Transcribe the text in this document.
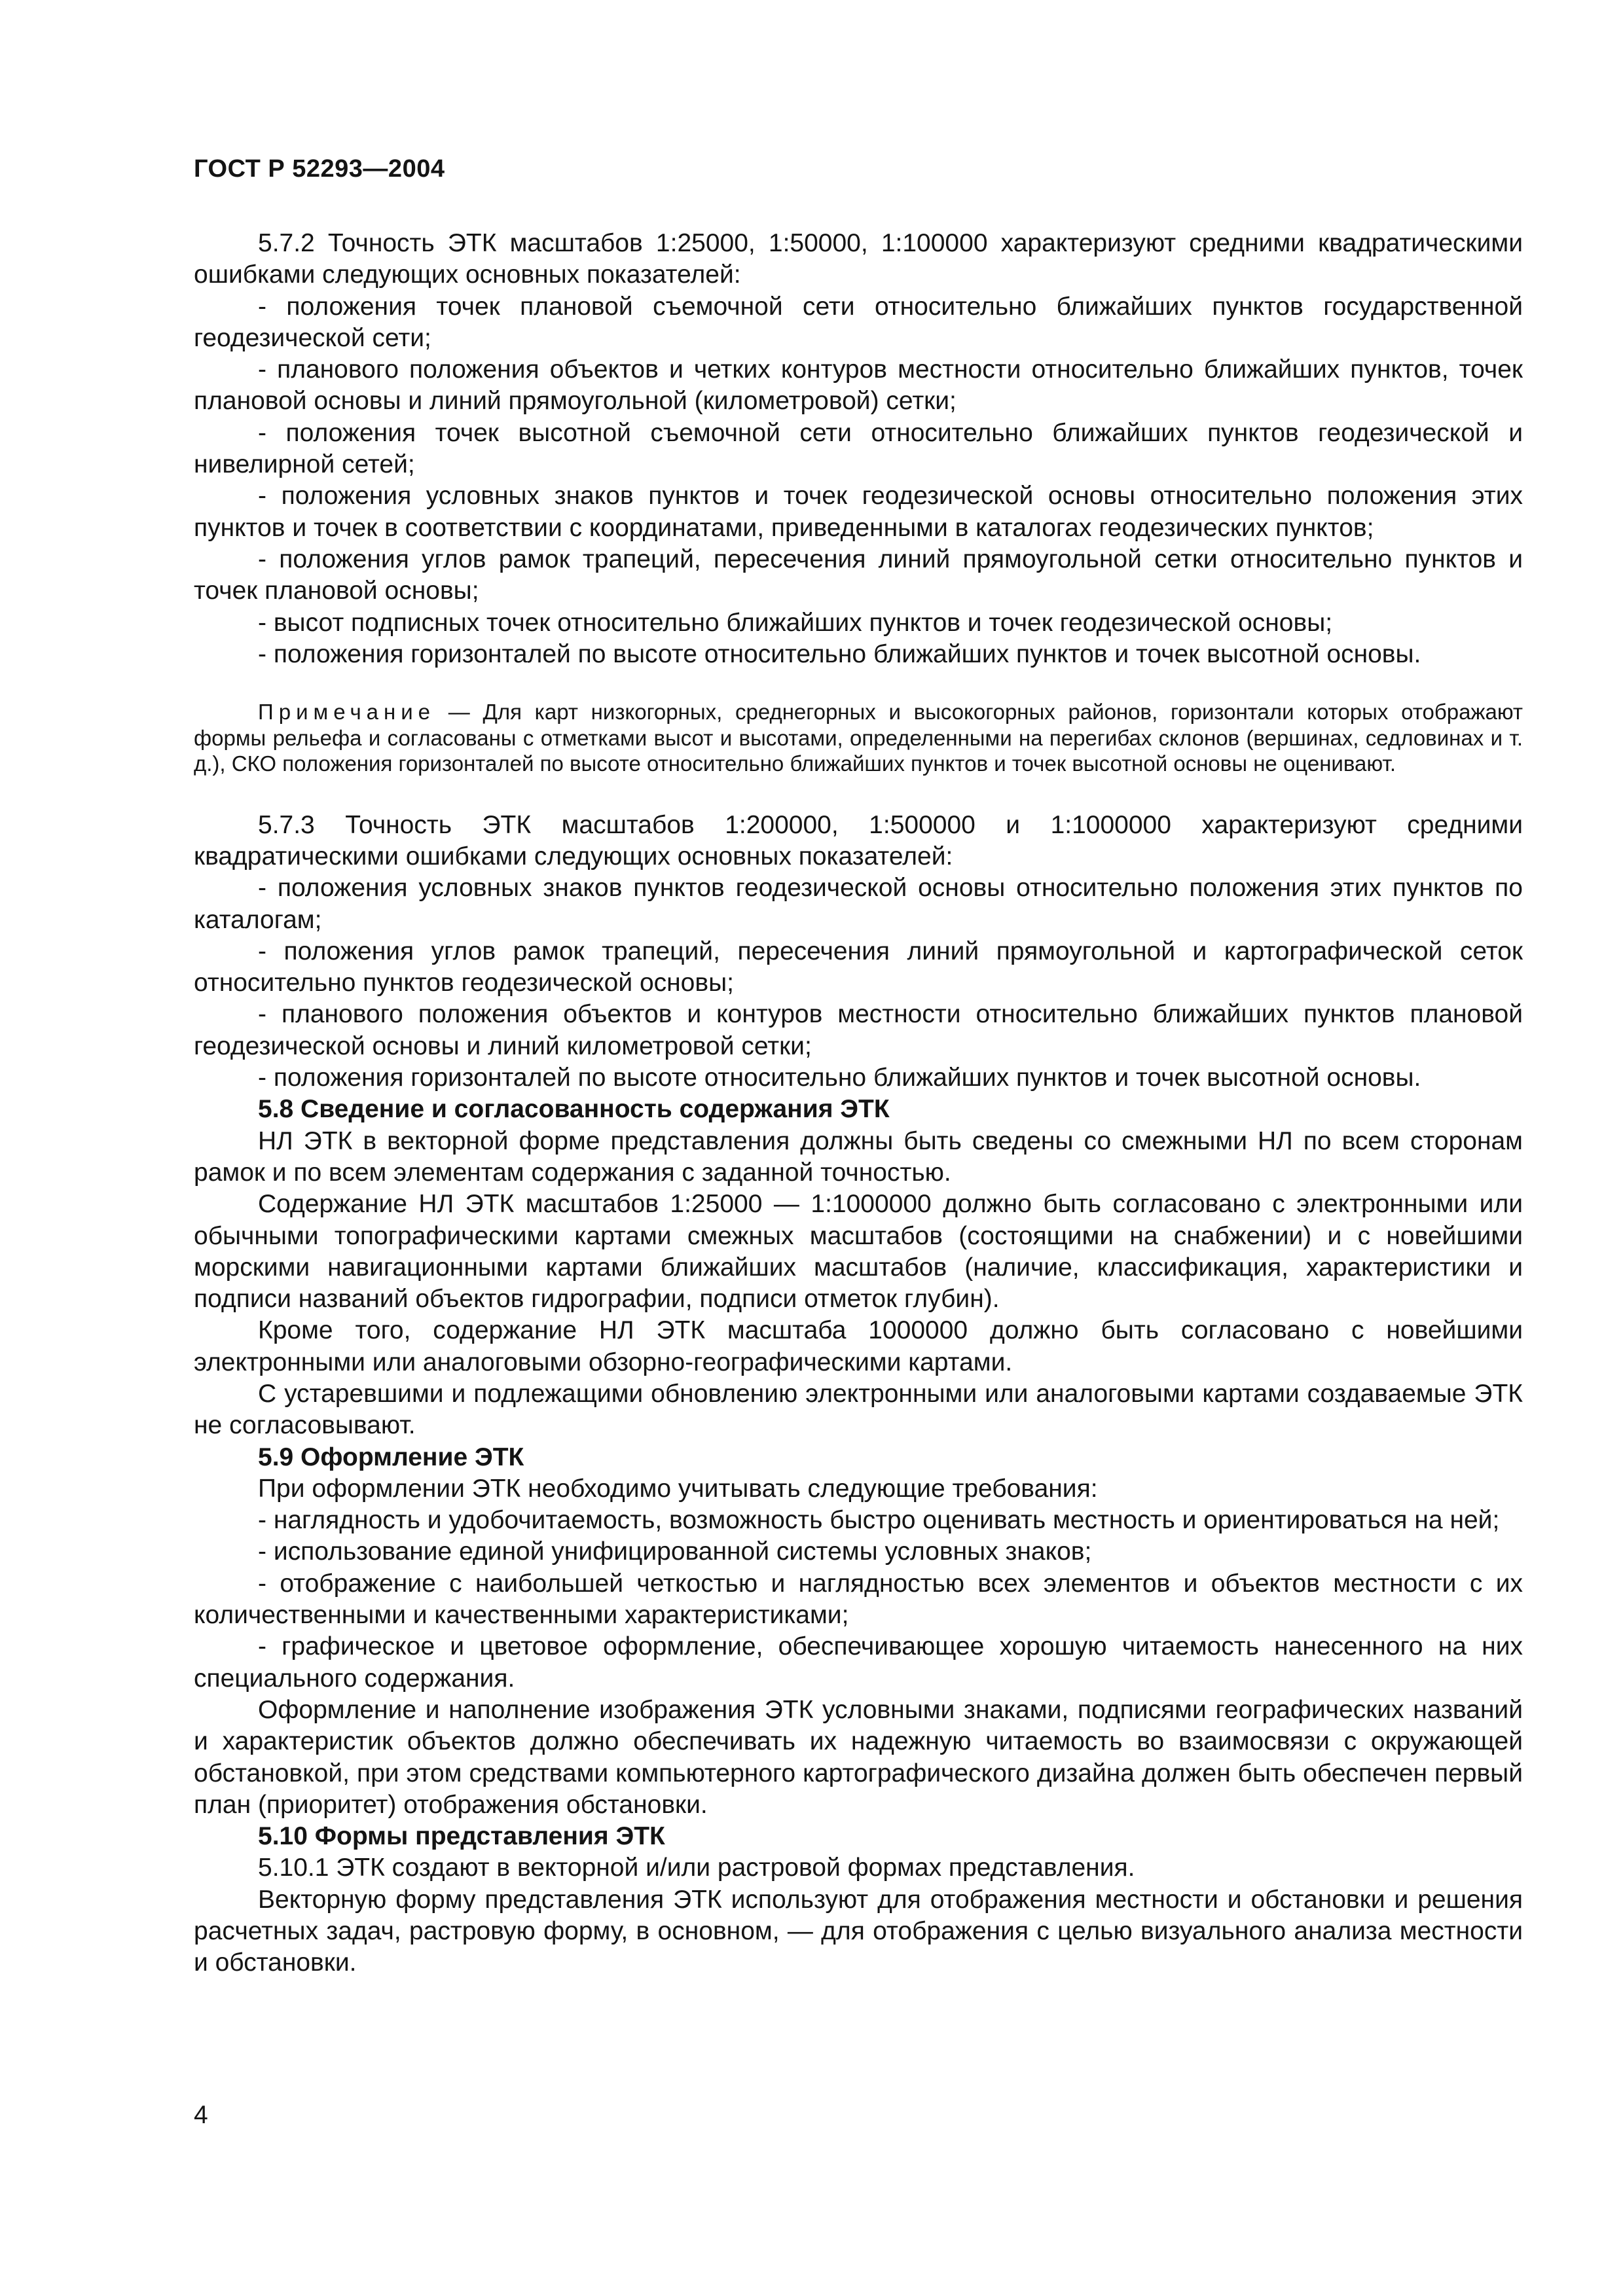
ГОСТ Р 52293—2004

5.7.2 Точность ЭТК масштабов 1:25000, 1:50000, 1:100000 характеризуют средними квадратическими ошибками следующих основных показателей:

- положения точек плановой съемочной сети относительно ближайших пунктов государственной геодезической сети;

- планового положения объектов и четких контуров местности относительно ближайших пунктов, точек плановой основы и линий прямоугольной (километровой) сетки;

- положения точек высотной съемочной сети относительно ближайших пунктов геодезической и нивелирной сетей;

- положения условных знаков пунктов и точек геодезической основы относительно положения этих пунктов и точек в соответствии с координатами, приведенными в каталогах геодезических пунктов;

- положения углов рамок трапеций, пересечения линий прямоугольной сетки относительно пунктов и точек плановой основы;

- высот подписных точек относительно ближайших пунктов и точек геодезической основы;

- положения горизонталей по высоте относительно ближайших пунктов и точек высотной основы.

Примечание — Для карт низкогорных, среднегорных и высокогорных районов, горизонтали которых отображают формы рельефа и согласованы с отметками высот и высотами, определенными на перегибах склонов (вершинах, седловинах и т. д.), СКО положения горизонталей по высоте относительно ближайших пунктов и точек высотной основы не оценивают.

5.7.3 Точность ЭТК масштабов 1:200000, 1:500000 и 1:1000000 характеризуют средними квадратическими ошибками следующих основных показателей:

- положения условных знаков пунктов геодезической основы относительно положения этих пунктов по каталогам;

- положения углов рамок трапеций, пересечения линий прямоугольной и картографической сеток относительно пунктов геодезической основы;

- планового положения объектов и контуров местности относительно ближайших пунктов плановой геодезической основы и линий километровой сетки;

- положения горизонталей по высоте относительно ближайших пунктов и точек высотной основы.

5.8 Сведение и согласованность содержания ЭТК

НЛ ЭТК в векторной форме представления должны быть сведены со смежными НЛ по всем сторонам рамок и по всем элементам содержания с заданной точностью.

Содержание НЛ ЭТК масштабов 1:25000 — 1:1000000 должно быть согласовано с электронными или обычными топографическими картами смежных масштабов (состоящими на снабжении) и с новейшими морскими навигационными картами ближайших масштабов (наличие, классификация, характеристики и подписи названий объектов гидрографии, подписи отметок глубин).

Кроме того, содержание НЛ ЭТК масштаба 1000000 должно быть согласовано с новейшими электронными или аналоговыми обзорно-географическими картами.

С устаревшими и подлежащими обновлению электронными или аналоговыми картами создаваемые ЭТК не согласовывают.

5.9 Оформление ЭТК

При оформлении ЭТК необходимо учитывать следующие требования:

- наглядность и удобочитаемость, возможность быстро оценивать местность и ориентироваться на ней;

- использование единой унифицированной системы условных знаков;

- отображение с наибольшей четкостью и наглядностью всех элементов и объектов местности с их количественными и качественными характеристиками;

- графическое и цветовое оформление, обеспечивающее хорошую читаемость нанесенного на них специального содержания.

Оформление и наполнение изображения ЭТК условными знаками, подписями географических названий и характеристик объектов должно обеспечивать их надежную читаемость во взаимосвязи с окружающей обстановкой, при этом средствами компьютерного картографического дизайна должен быть обеспечен первый план (приоритет) отображения обстановки.

5.10 Формы представления ЭТК

5.10.1 ЭТК создают в векторной и/или растровой формах представления.

Векторную форму представления ЭТК используют для отображения местности и обстановки и решения расчетных задач, растровую форму, в основном, — для отображения с целью визуального анализа местности и обстановки.

4
